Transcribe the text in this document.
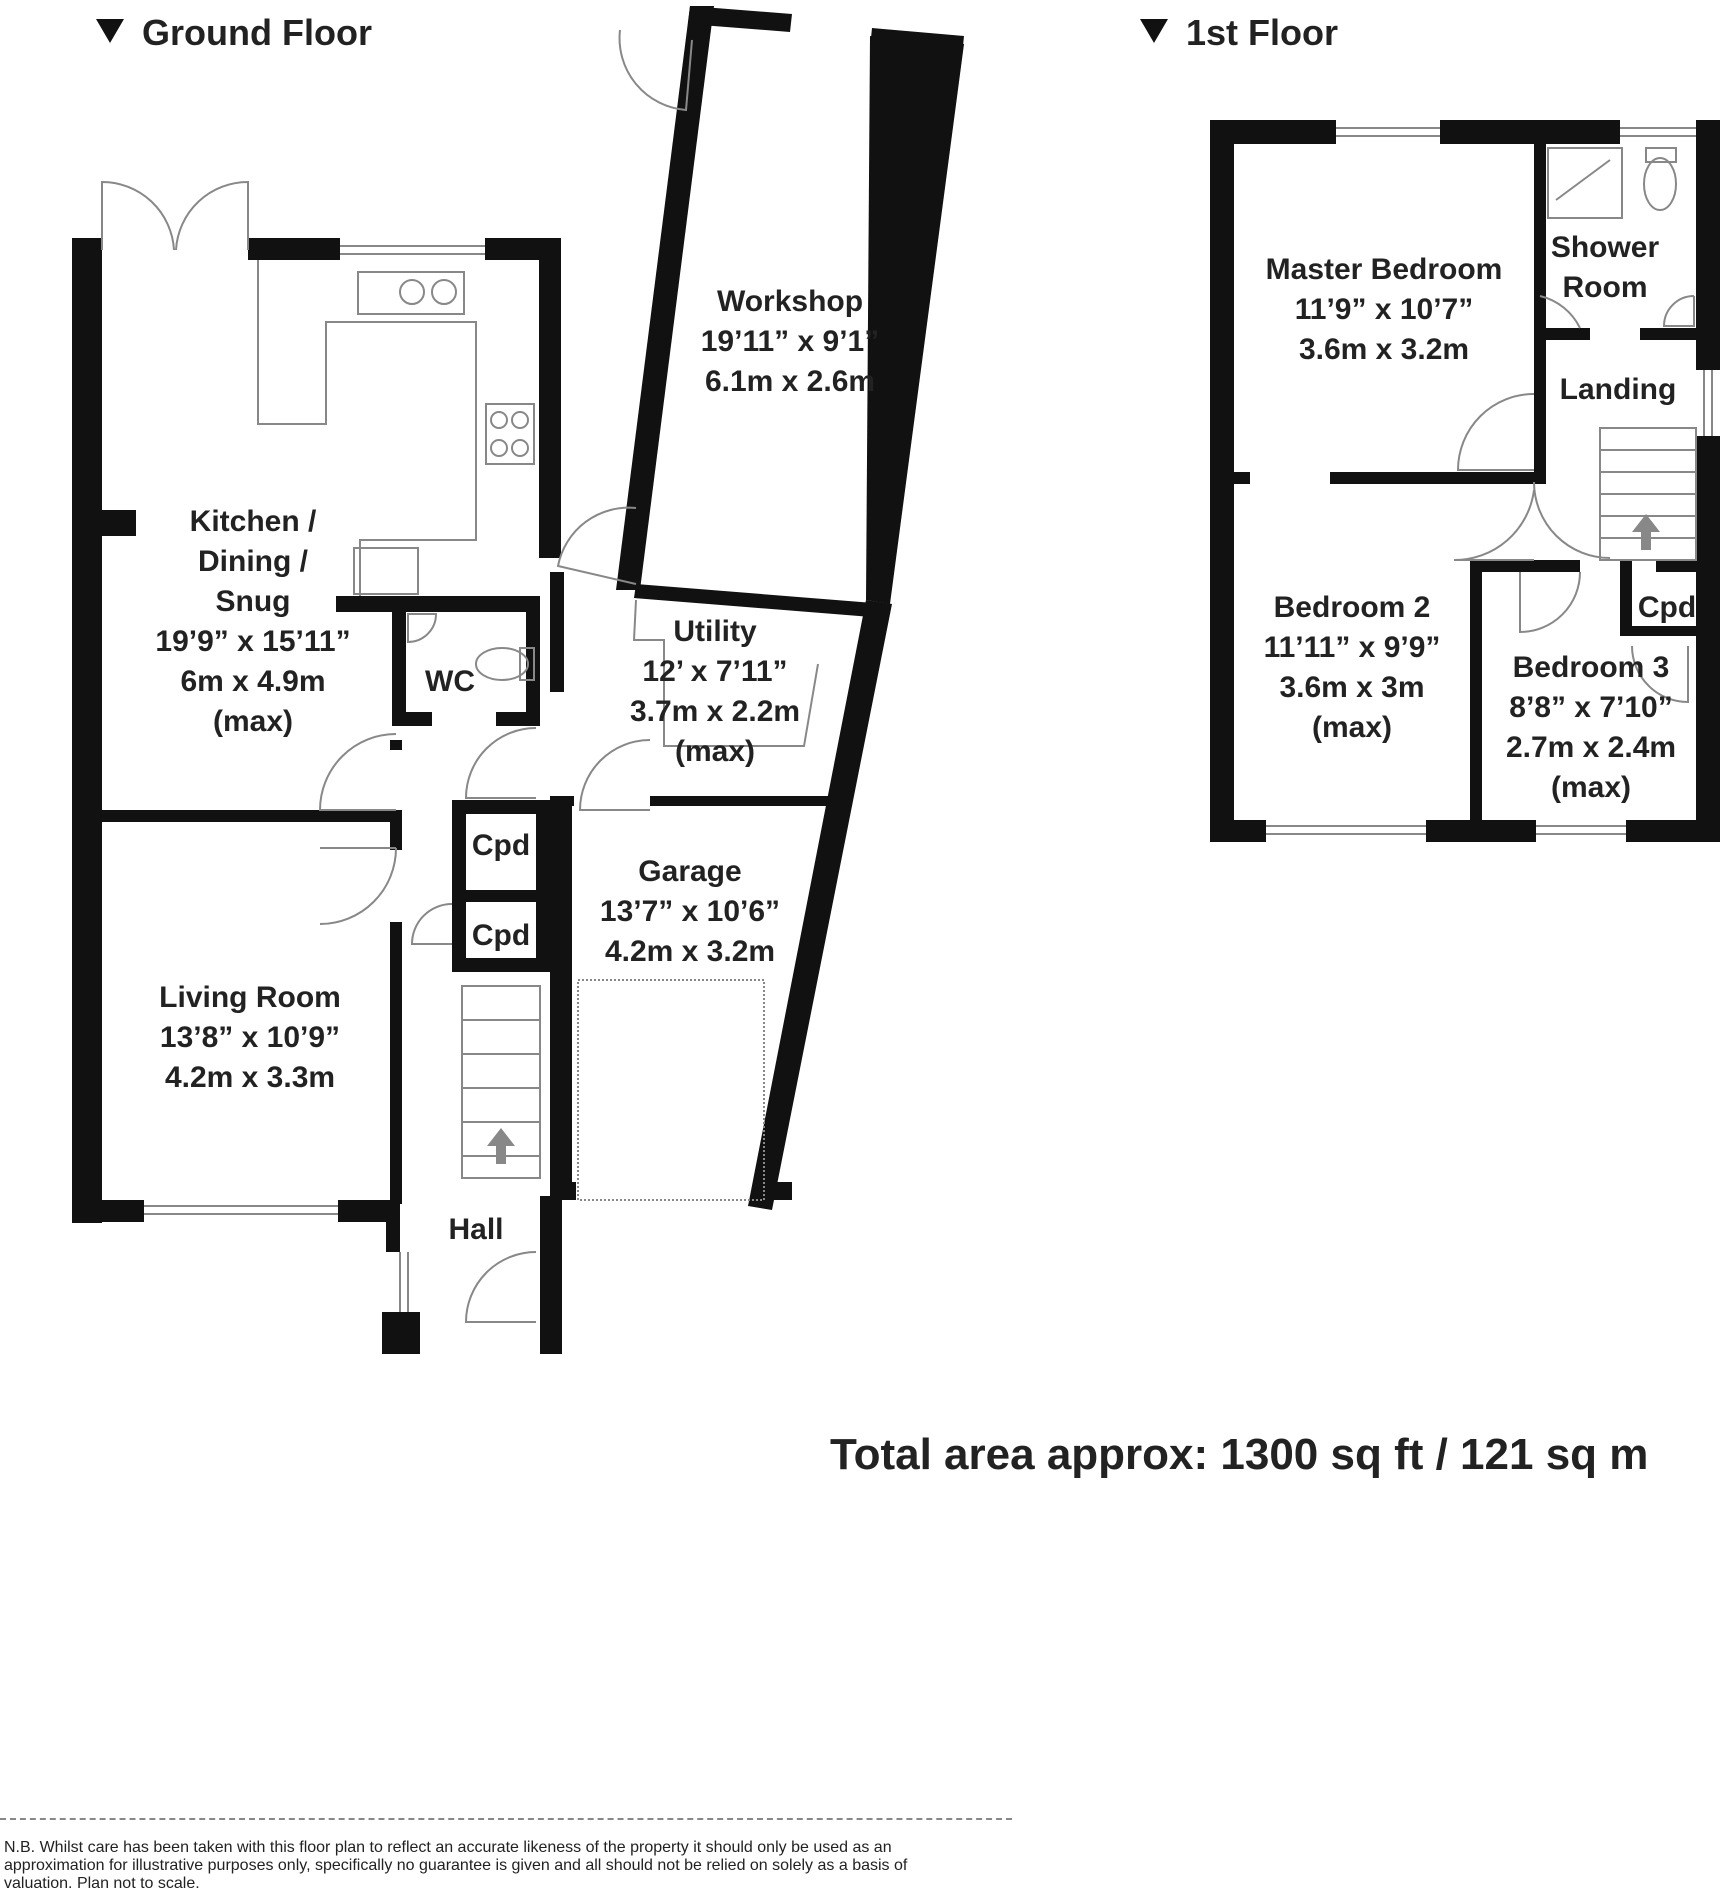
Ground Floor	1st Floor
Kitchen /
Dining /
Snug
19’9” x 15’11”
6m x 4.9m
(max)
Workshop
19’11” x 9’1”
6.1m x 2.6m
WC
Utility
12’ x 7’11”
3.7m x 2.2m
(max)
Cpd
Cpd
Garage
13’7” x 10’6”
4.2m x 3.2m
Living Room
13’8” x 10’9”
4.2m x 3.3m
Hall
Master Bedroom
11’9” x 10’7”
3.6m x 3.2m
Shower
Room
Landing
Bedroom 2
11’11” x 9’9”
3.6m x 3m
(max)
Cpd
Bedroom 3
8’8” x 7’10”
2.7m x 2.4m
(max)
Total area approx: 1300 sq ft / 121 sq m
N.B. Whilst care has been taken with this floor plan to reflect an accurate likeness of the property it should only be used as an approximation for illustrative purposes only, specifically no guarantee is given and all should not be relied on solely as a basis of valuation. Plan not to scale.
